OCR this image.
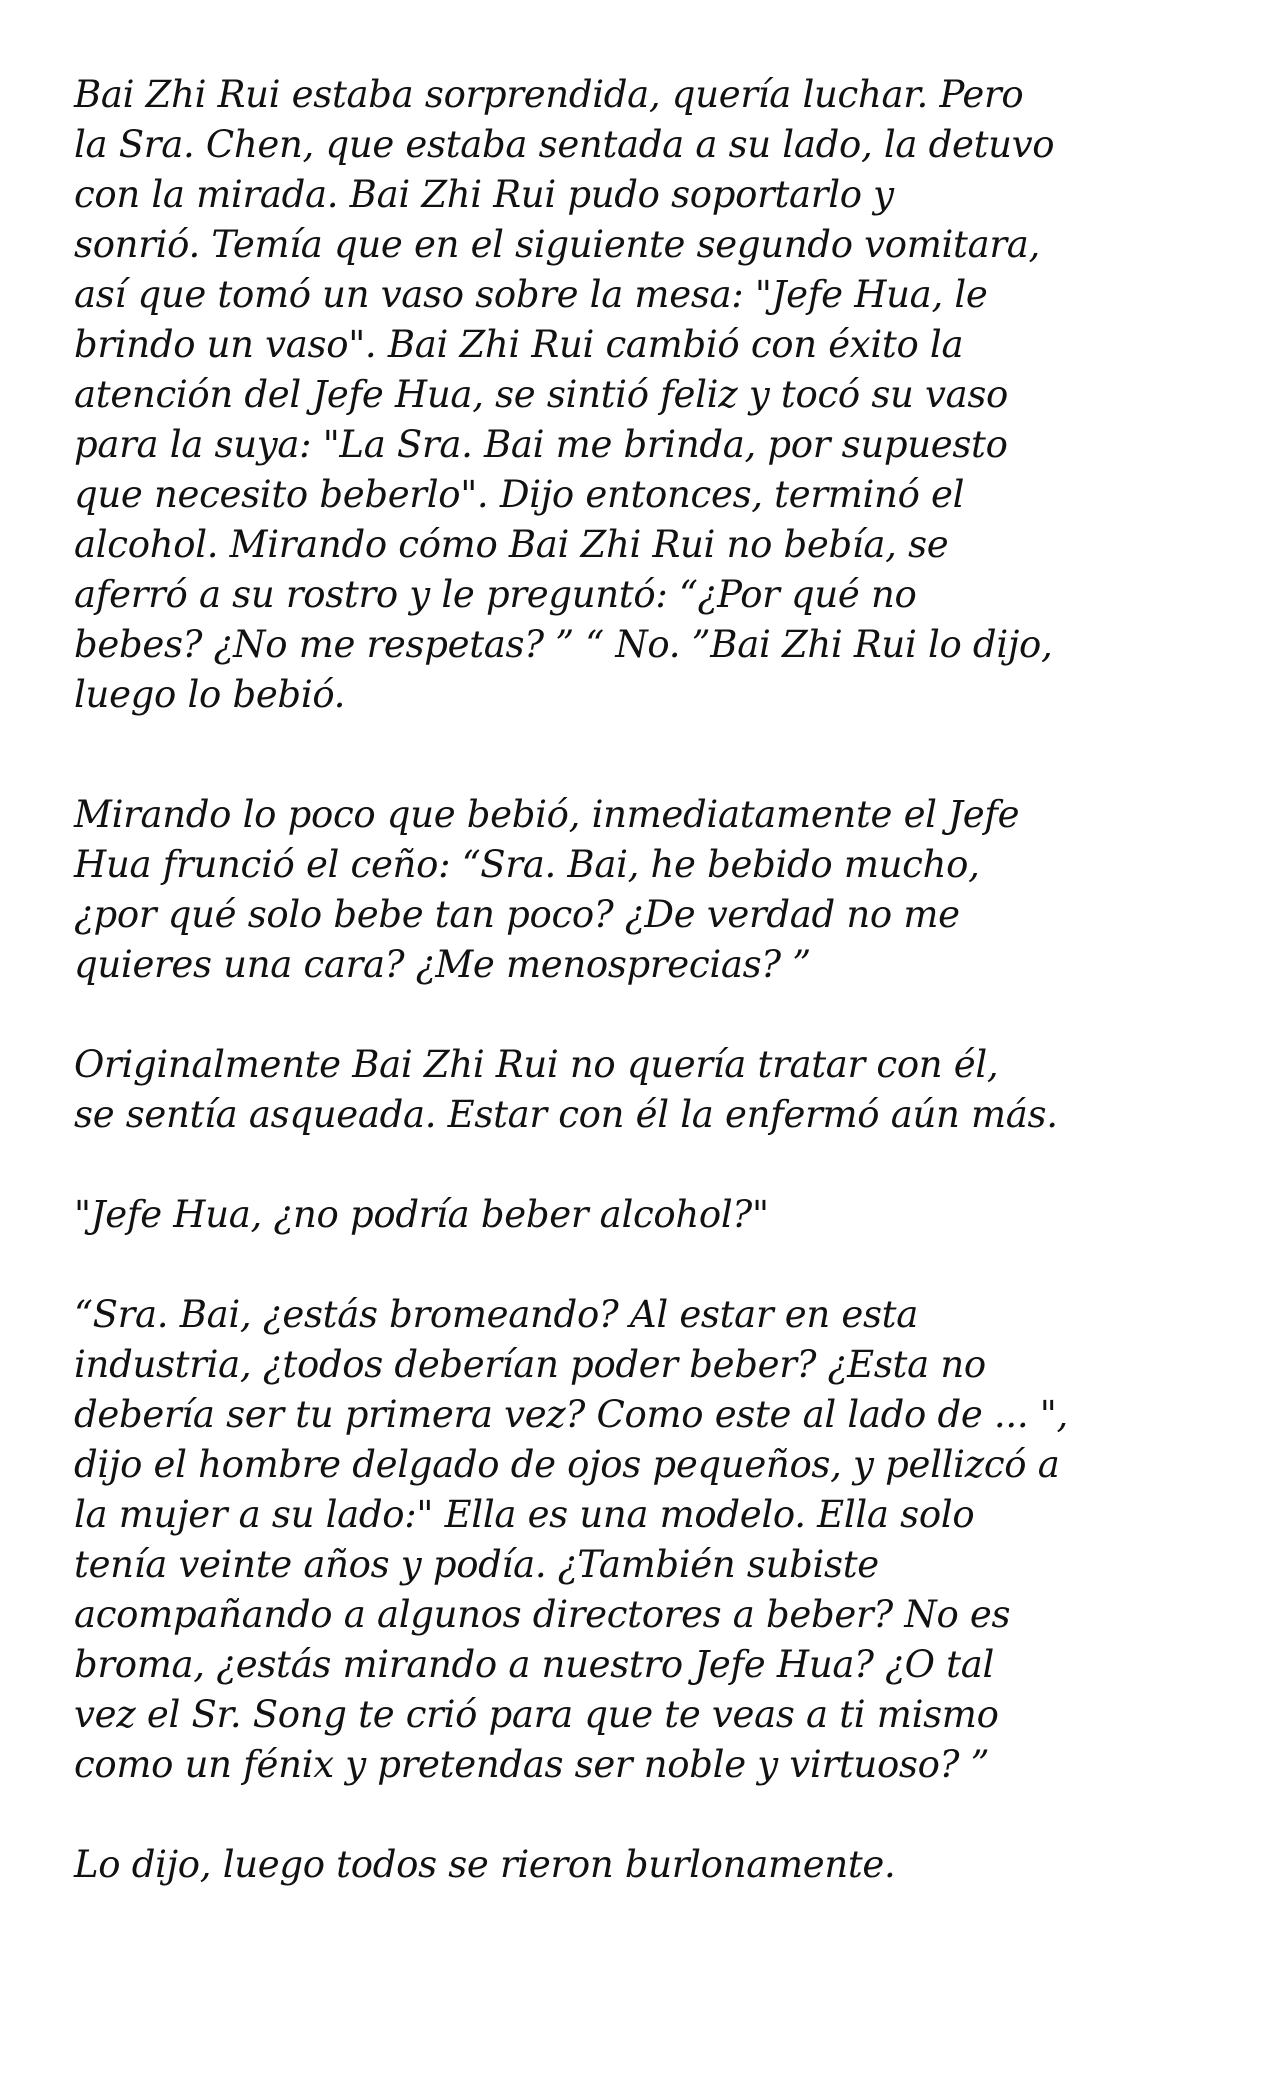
Bai Zhi Rui estaba sorprendida, quería luchar. Pero
la Sra. Chen, que estaba sentada a su lado, la detuvo
con la mirada. Bai Zhi Rui pudo soportarlo y
sonrió. Temía que en el siguiente segundo vomitara,
así que tomó un vaso sobre la mesa: "Jefe Hua, le
brindo un vaso". Bai Zhi Rui cambió con éxito la
atención del Jefe Hua, se sintió feliz y tocó su vaso
para la suya: "La Sra. Bai me brinda, por supuesto
que necesito beberlo". Dijo entonces, terminó el
alcohol. Mirando cómo Bai Zhi Rui no bebía, se
aferró a su rostro y le preguntó: “¿Por qué no
bebes? ¿No me respetas? ” “ No. ”Bai Zhi Rui lo dijo,
luego lo bebió.

Mirando lo poco que bebió, inmediatamente el Jefe
Hua frunció el ceño: “Sra. Bai, he bebido mucho,
¿por qué solo bebe tan poco? ¿De verdad no me
quieres una cara? ¿Me menosprecias? ”

Originalmente Bai Zhi Rui no quería tratar con él,
se sentía asqueada. Estar con él la enfermó aún más.

"Jefe Hua, ¿no podría beber alcohol?"

“Sra. Bai, ¿estás bromeando? Al estar en esta
industria, ¿todos deberían poder beber? ¿Esta no
debería ser tu primera vez? Como este al lado de ... ",
dijo el hombre delgado de ojos pequeños, y pellizcó a
la mujer a su lado:" Ella es una modelo. Ella solo
tenía veinte años y podía. ¿También subiste
acompañando a algunos directores a beber? No es
broma, ¿estás mirando a nuestro Jefe Hua? ¿O tal
vez el Sr. Song te crió para que te veas a ti mismo
como un fénix y pretendas ser noble y virtuoso? ”

Lo dijo, luego todos se rieron burlonamente.
